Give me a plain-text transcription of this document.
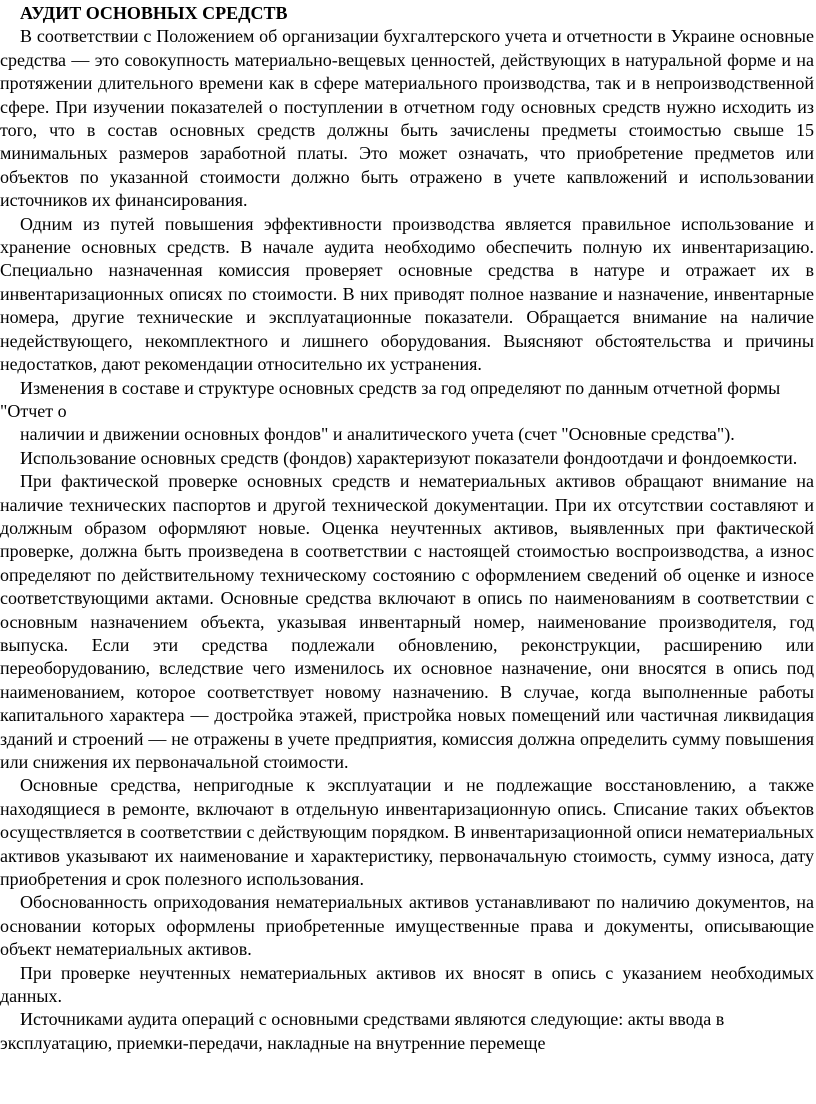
АУДИТ ОСНОВНЫХ СРЕДСТВ

В соответствии с Положением об организации бухгалтерского учета и отчетности в Украине основные средства — это совокупность материально-вещевых ценностей, действующих в натуральной форме и на протяжении длительного времени как в сфере материального производства, так и в непроизводственной сфере. При изучении показателей о поступлении в отчетном году основных средств нужно исходить из того, что в состав основных средств должны быть зачислены предметы стоимостью свыше 15 минимальных размеров заработной платы. Это может означать, что приобретение предметов или объектов по указанной стоимости должно быть отражено в учете капвложений и использовании источников их финансирования.

Одним из путей повышения эффективности производства является правильное использование и хранение основных средств. В начале аудита необходимо обеспечить полную их инвентаризацию. Специально назначенная комиссия проверяет основные средства в натуре и отражает их в инвентаризационных описях по стоимости. В них приводят полное название и назначение, инвентарные номера, другие технические и эксплуатационные показатели. Обращается внимание на наличие недействующего, некомплектного и лишнего оборудования. Выясняют обстоятельства и причины недостатков, дают рекомендации относительно их устранения.

Изменения в составе и структуре основных средств за год определяют по данным отчетной формы "Отчет о

наличии и движении основных фондов" и аналитического учета (счет "Основные средства").

Использование основных средств (фондов) характеризуют показатели фондоотдачи и фондоемкости.

При фактической проверке основных средств и нематериальных активов обращают внимание на наличие технических паспортов и другой технической документации. При их отсутствии составляют и должным образом оформляют новые. Оценка неучтенных активов, выявленных при фактической проверке, должна быть произведена в соответствии с настоящей стоимостью воспроизводства, а износ определяют по действительному техническому состоянию с оформлением сведений об оценке и износе соответствующими актами. Основные средства включают в опись по наименованиям в соответствии с основным назначением объекта, указывая инвентарный номер, наименование производителя, год выпуска. Если эти средства подлежали обновлению, реконструкции, расширению или переоборудованию, вследствие чего изменилось их основное назначение, они вносятся в опись под наименованием, которое соответствует новому назначению. В случае, когда выполненные работы капитального характера — достройка этажей, пристройка новых помещений или частичная ликвидация зданий и строений — не отражены в учете предприятия, комиссия должна определить сумму повышения или снижения их первоначальной стоимости.

Основные средства, непригодные к эксплуатации и не подлежащие восстановлению, а также находящиеся в ремонте, включают в отдельную инвентаризационную опись. Списание таких объектов осуществляется в соответствии с действующим порядком. В инвентаризационной описи нематериальных активов указывают их наименование и характеристику, первоначальную стоимость, сумму износа, дату приобретения и срок полезного использования.

Обоснованность оприходования нематериальных активов устанавливают по наличию документов, на основании которых оформлены приобретенные имущественные права и документы, описывающие объект нематериальных активов.

При проверке неучтенных нематериальных активов их вносят в опись с указанием необходимых данных.

Источниками аудита операций с основными средствами являются следующие: акты ввода в эксплуатацию, приемки-передачи, накладные на внутренние перемеще
